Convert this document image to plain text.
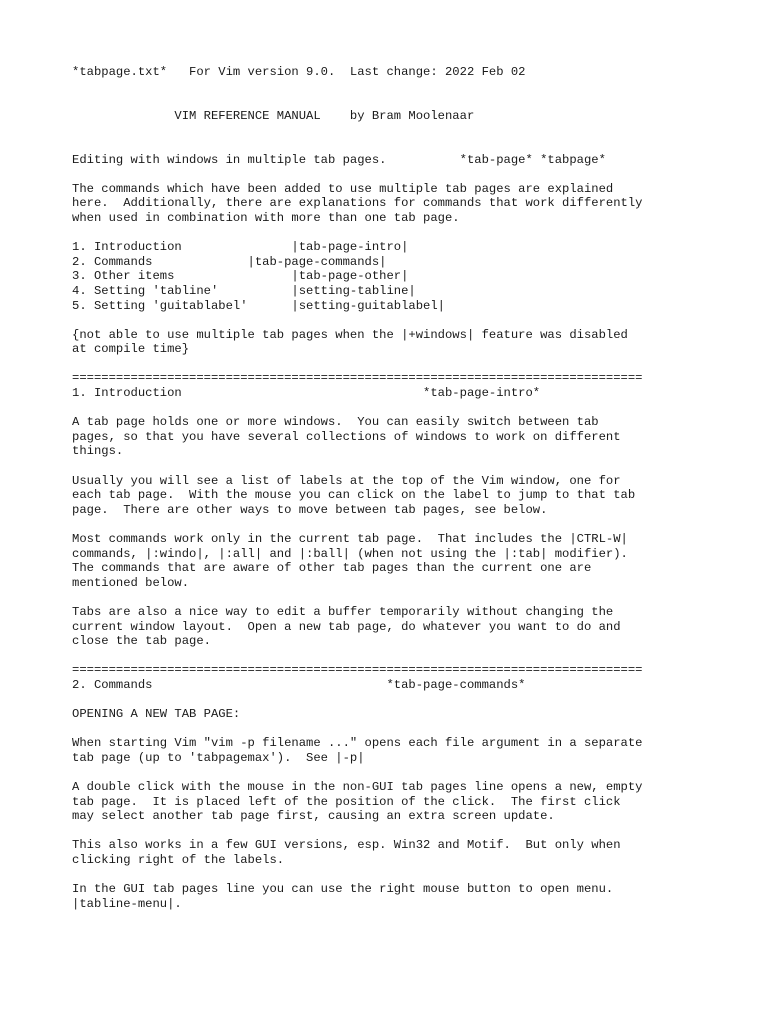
*tabpage.txt*   For Vim version 9.0.  Last change: 2022 Feb 02
VIM REFERENCE MANUAL    by Bram Moolenaar
Editing with windows in multiple tab pages.          *tab-page* *tabpage*
The commands which have been added to use multiple tab pages are explained
here.  Additionally, there are explanations for commands that work differently
when used in combination with more than one tab page.
1. Introduction               |tab-page-intro|
2. Commands             |tab-page-commands|
3. Other items                |tab-page-other|
4. Setting 'tabline'          |setting-tabline|
5. Setting 'guitablabel'      |setting-guitablabel|
{not able to use multiple tab pages when the |+windows| feature was disabled
at compile time}
==============================================================================
1. Introduction                                 *tab-page-intro*
A tab page holds one or more windows.  You can easily switch between tab
pages, so that you have several collections of windows to work on different
things.
Usually you will see a list of labels at the top of the Vim window, one for
each tab page.  With the mouse you can click on the label to jump to that tab
page.  There are other ways to move between tab pages, see below.
Most commands work only in the current tab page.  That includes the |CTRL-W|
commands, |:windo|, |:all| and |:ball| (when not using the |:tab| modifier).
The commands that are aware of other tab pages than the current one are
mentioned below.
Tabs are also a nice way to edit a buffer temporarily without changing the
current window layout.  Open a new tab page, do whatever you want to do and
close the tab page.
==============================================================================
2. Commands                                *tab-page-commands*
OPENING A NEW TAB PAGE:
When starting Vim "vim -p filename ..." opens each file argument in a separate
tab page (up to 'tabpagemax').  See |-p|
A double click with the mouse in the non-GUI tab pages line opens a new, empty
tab page.  It is placed left of the position of the click.  The first click
may select another tab page first, causing an extra screen update.
This also works in a few GUI versions, esp. Win32 and Motif.  But only when
clicking right of the labels.
In the GUI tab pages line you can use the right mouse button to open menu.
|tabline-menu|.
